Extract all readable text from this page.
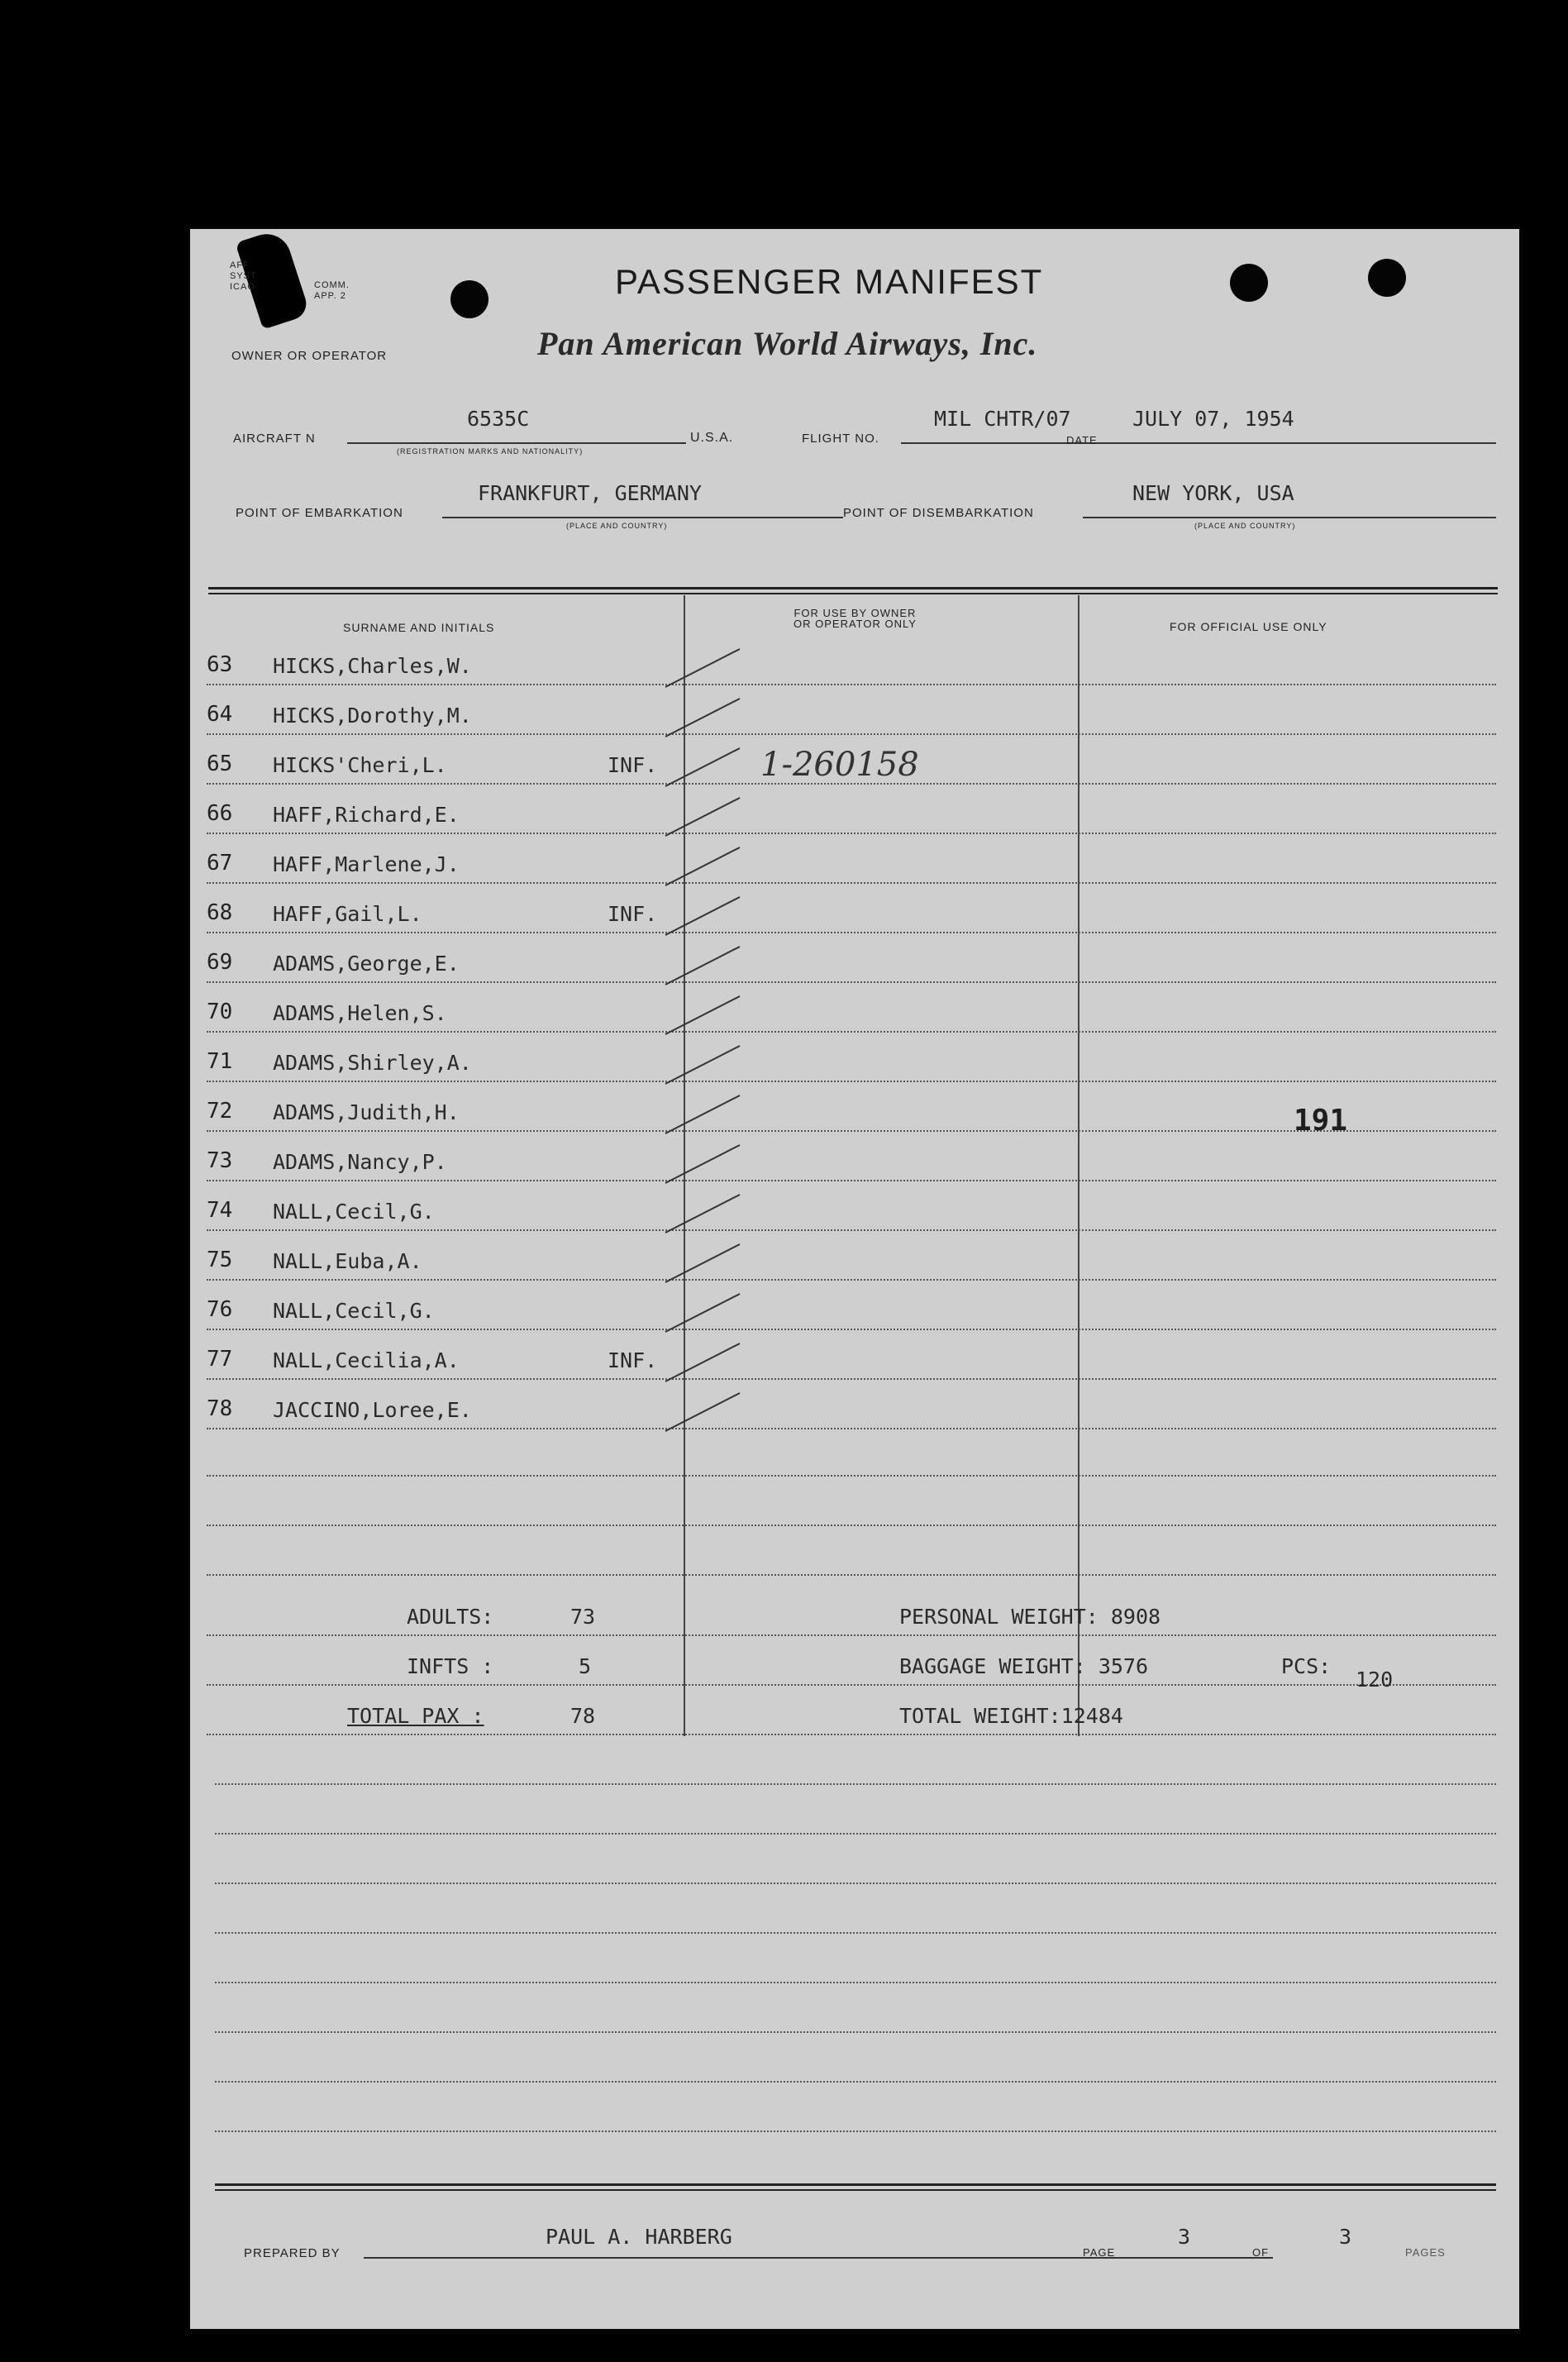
AFF
SYST
ICAO	COMM.
APP. 2	PASSENGER MANIFEST
OWNER OR OPERATOR	Pan American World Airways, Inc.
AIRCRAFT N
6535C
(REGISTRATION MARKS AND NATIONALITY)
U.S.A.	FLIGHT NO.
MIL CHTR/07
DATE
JULY 07, 1954
POINT OF EMBARKATION
FRANKFURT, GERMANY
(PLACE AND COUNTRY)
POINT OF DISEMBARKATION
NEW YORK, USA
(PLACE AND COUNTRY)
SURNAME AND INITIALS
FOR USE BY OWNER
OR OPERATOR ONLY	FOR OFFICIAL USE ONLY
63 HICKS,Charles,W.
64 HICKS,Dorothy,M.
65 HICKS'Cheri,L.	INF.
66 HAFF,Richard,E.
67 HAFF,Marlene,J.
68 HAFF,Gail,L.	INF.
69 ADAMS,George,E.
70 ADAMS,Helen,S.
71 ADAMS,Shirley,A.
72 ADAMS,Judith,H.
73 ADAMS,Nancy,P.
74 NALL,Cecil,G.
75 NALL,Euba,A.
76 NALL,Cecil,G.
77 NALL,Cecilia,A.	INF.
78 JACCINO,Loree,E.
1-260158
191
ADULTS:	73
INFTS :	5
TOTAL PAX :	78
PERSONAL WEIGHT: 8908
BAGGAGE WEIGHT: 3576	PCS:
120
TOTAL WEIGHT:12484
PREPARED BY
PAUL A. HARBERG
PAGE
3
OF
3
PAGES
